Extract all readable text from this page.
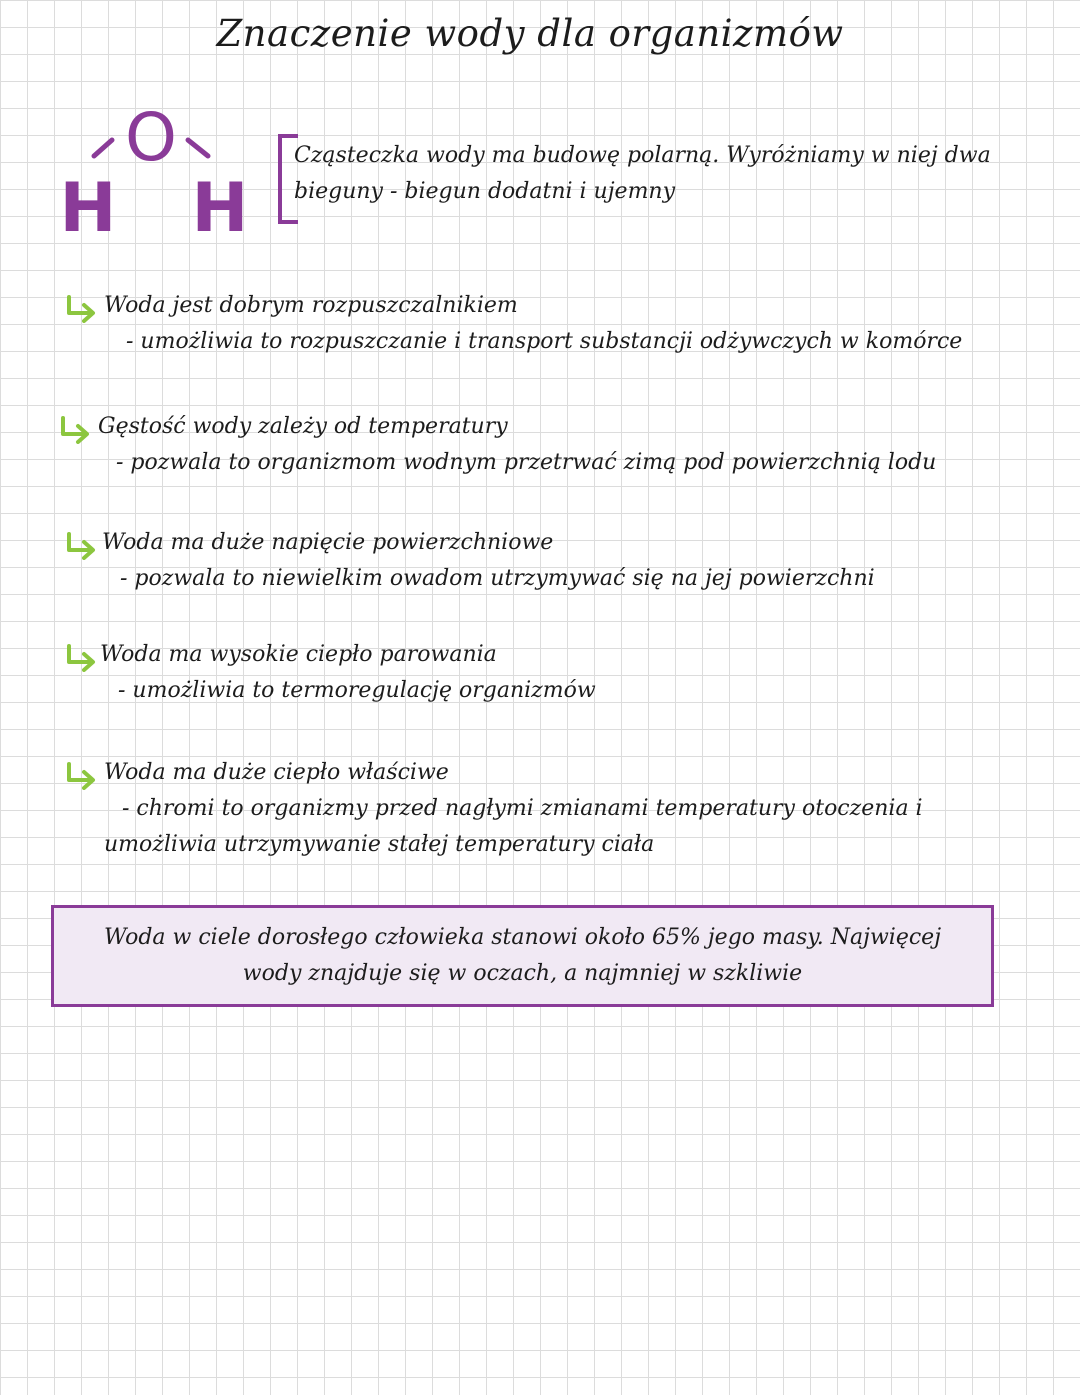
Znaczenie wody dla organizmów
O
H H
Cząsteczka wody ma budowę polarną. Wyróżniamy w niej dwa bieguny - biegun dodatni i ujemny
Woda jest dobrym rozpuszczalnikiem
- umożliwia to rozpuszczanie i transport substancji odżywczych w komórce
Gęstość wody zależy od temperatury
- pozwala to organizmom wodnym przetrwać zimą pod powierzchnią lodu
Woda ma duże napięcie powierzchniowe
- pozwala to niewielkim owadom utrzymywać się na jej powierzchni
Woda ma wysokie ciepło parowania
- umożliwia to termoregulację organizmów
Woda ma duże ciepło właściwe
- chromi to organizmy przed nagłymi zmianami temperatury otoczenia i
umożliwia utrzymywanie stałej temperatury ciała
Woda w ciele dorosłego człowieka stanowi około 65% jego masy. Najwięcej wody znajduje się w oczach, a najmniej w szkliwie
